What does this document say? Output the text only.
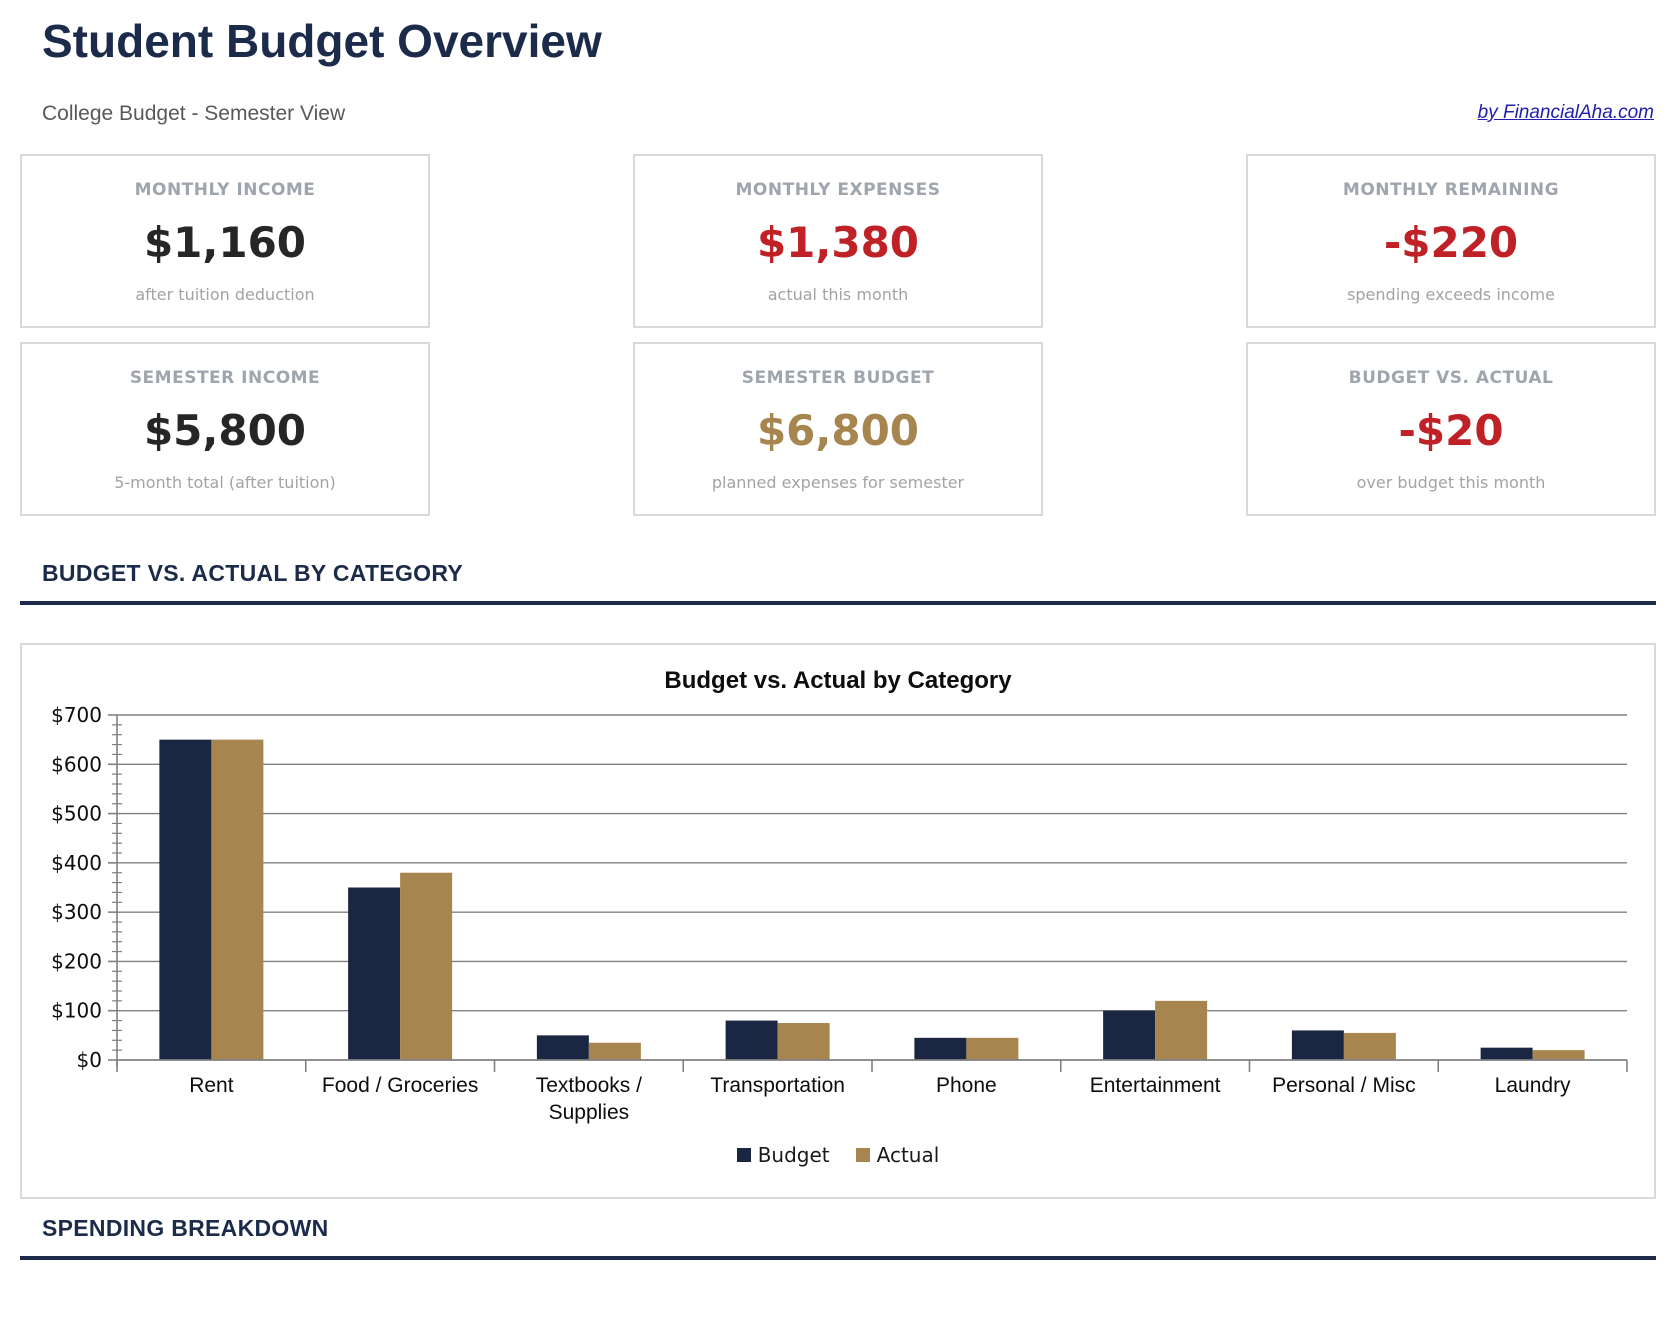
Student Budget Overview
College Budget - Semester View	by FinancialAha.com
MONTHLY INCOME
$1,160
after tuition deduction
MONTHLY EXPENSES
$1,380
actual this month
MONTHLY REMAINING
-$220
spending exceeds income
SEMESTER INCOME
$5,800
5-month total (after tuition)
SEMESTER BUDGET
$6,800
planned expenses for semester
BUDGET VS. ACTUAL
-$20
over budget this month
BUDGET VS. ACTUAL BY CATEGORY
Budget vs. Actual by Category
Rent	Food / Groceries	Textbooks /
Supplies
Transportation	Phone	Entertainment Personal / Misc	Laundry
$0
$100
$200
$300
$400
$500
$600
$700
Budget Actual
SPENDING BREAKDOWN
